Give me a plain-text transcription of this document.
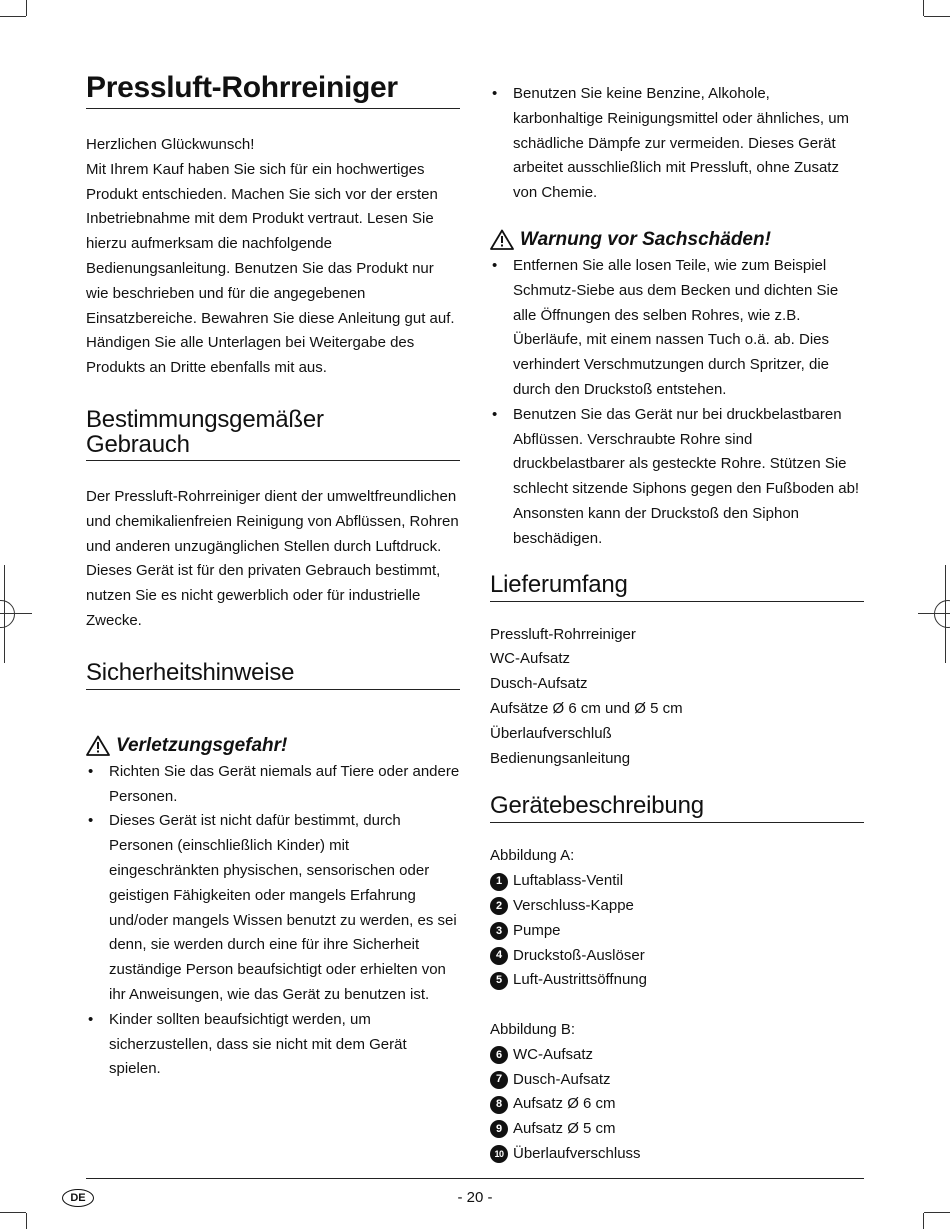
Pressluft-Rohrreiniger

Herzlichen Glückwunsch!

Mit Ihrem Kauf haben Sie sich für ein hochwertiges Produkt entschieden. Machen Sie sich vor der ersten Inbetriebnahme mit dem Produkt vertraut. Lesen Sie hierzu aufmerksam die nachfolgende Bedienungsanleitung. Benutzen Sie das Produkt nur wie beschrieben und für die angegebenen Einsatzbereiche. Bewahren Sie diese Anleitung gut auf. Händigen Sie alle Unterlagen bei Weitergabe des Produkts an Dritte ebenfalls mit aus.

Bestimmungsgemäßer Gebrauch

Der Pressluft-Rohrreiniger dient der umweltfreundlichen und chemikalienfreien Reinigung von Abflüssen, Rohren und anderen unzugänglichen Stellen durch Luftdruck.

Dieses Gerät ist für den privaten Gebrauch bestimmt, nutzen Sie es nicht gewerblich oder für industrielle Zwecke.

Sicherheitshinweise
Verletzungsgefahr!
• Richten Sie das Gerät niemals auf Tiere oder andere Personen.
• Dieses Gerät ist nicht dafür bestimmt, durch Personen (einschließlich Kinder) mit eingeschränkten physischen, sensorischen oder geistigen Fähigkeiten oder mangels Erfahrung und/oder mangels Wissen benutzt zu werden, es sei denn, sie werden durch eine für ihre Sicherheit zuständige Person beaufsichtigt oder erhielten von ihr Anweisungen, wie das Gerät zu benutzen ist.
• Kinder sollten beaufsichtigt werden, um sicherzustellen, dass sie nicht mit dem Gerät spielen.
• Benutzen Sie keine Benzine, Alkohole, karbonhaltige Reinigungsmittel oder ähnliches, um schädliche Dämpfe zur vermeiden. Dieses Gerät arbeitet ausschließlich mit Pressluft, ohne Zusatz von Chemie.
Warnung vor Sachschäden!
• Entfernen Sie alle losen Teile, wie zum Beispiel Schmutz-Siebe aus dem Becken und dichten Sie alle Öffnungen des selben Rohres, wie z.B. Überläufe, mit einem nassen Tuch o.ä. ab. Dies verhindert Verschmutzungen durch Spritzer, die durch den Druckstoß entstehen.
• Benutzen Sie das Gerät nur bei druckbelastbaren Abflüssen. Verschraubte Rohre sind druckbelastbarer als gesteckte Rohre. Stützen Sie schlecht sitzende Siphons gegen den Fußboden ab! Ansonsten kann der Druckstoß den Siphon beschädigen.
Lieferumfang
Pressluft-Rohrreiniger
WC-Aufsatz
Dusch-Aufsatz
Aufsätze Ø 6 cm und Ø 5 cm
Überlaufverschluß
Bedienungsanleitung
Gerätebeschreibung

Abbildung A:

1 Luftablass-Ventil
2 Verschluss-Kappe
3 Pumpe
4 Druckstoß-Auslöser
5 Luft-Austrittsöffnung

Abbildung B:

6 WC-Aufsatz
7 Dusch-Aufsatz
8 Aufsatz Ø 6 cm
9 Aufsatz Ø 5 cm
10 Überlaufverschluss
DE	- 20 -
